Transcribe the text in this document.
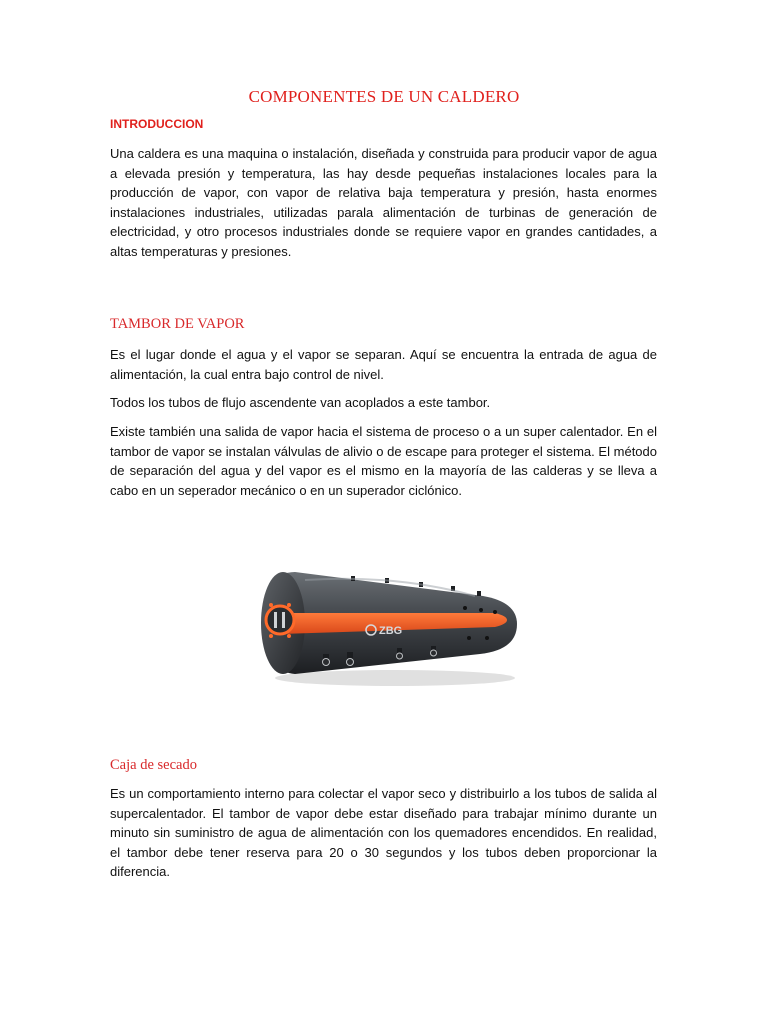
COMPONENTES DE UN CALDERO
INTRODUCCION

Una caldera es una maquina o instalación, diseñada y construida para producir vapor de agua a elevada presión y temperatura, las hay desde pequeñas instalaciones locales para la producción de vapor, con vapor de relativa baja temperatura y presión, hasta enormes instalaciones industriales, utilizadas parala alimentación de turbinas de generación de electricidad, y otro procesos industriales donde se requiere vapor en grandes cantidades, a altas temperaturas y presiones.

TAMBOR DE VAPOR

Es el lugar donde el agua y el vapor se separan. Aquí se encuentra la entrada de agua de alimentación, la cual entra bajo control de nivel.

Todos los tubos de flujo ascendente van acoplados a este tambor.

Existe también una salida de vapor hacia el sistema de proceso o a un super calentador. En el tambor de vapor se instalan válvulas de alivio o de escape para proteger el sistema. El método de separación del agua y del vapor es el mismo en la mayoría de las calderas y se lleva a cabo en un seperador mecánico o en un superador ciclónico.

ZBG
Caja de secado

Es un comportamiento interno para colectar el vapor seco y distribuirlo a los tubos de salida al supercalentador. El tambor de vapor debe estar diseñado para trabajar mínimo durante un minuto sin suministro de agua de alimentación con los quemadores encendidos. En realidad, el tambor debe tener reserva para 20 o 30 segundos y los tubos deben proporcionar la diferencia.
